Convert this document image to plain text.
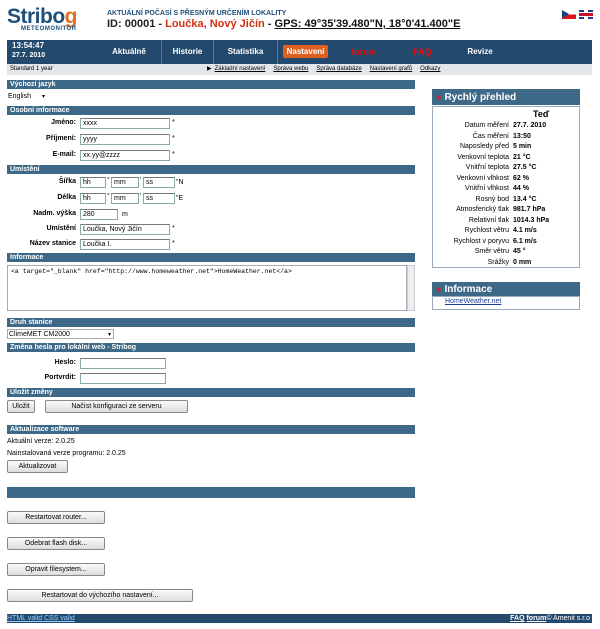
Stribog
METEOMONITOR
AKTUÁLNÍ POČASÍ S PŘESNÝM URČENÍM LOKALITY
ID: 00001 - Loučka, Nový Jičín - GPS: 49°35'39.480"N, 18°0'41.400"E
13:54:47
27.7. 2010	Aktuálně	Historie	Statistika	Nastavení	forum	FAQ	Revize
Standard 1 year	▶ Základní nastavení Správa webu Správa databáze Nastavení grafů Odkazy
Výchozí jazyk
English ▾
Osobní informace
Jméno:	xxxx	*
Příjmení:	yyyy	*
E-mail:	xx.yy@zzzz	*
Umístění
Šířka	hh	° mm	' ss	"N
Délka	hh	° mm	' ss	"E
Nadm. výška	280	m
Umístění	Loučka, Nový Jičín	*
Název stanice	Loučka I.	*
Informace
<a target="_blank" href="http://www.homeweather.net">HomeWeather.net</a>
Druh stanice
ClimeMET CM2000	▾
Změna hesla pro lokální web - Stribog
Heslo:
Portvrdit:
Uložit změny
Uložit	Načíst konfiguraci ze serveru
Aktualizace software
Aktuální verze: 2.0.25
Nainstalovaná verze programu: 2.0.25
Aktualizovat
Restartovat router...
Odebrat flash disk...
Opravit filesystem...
Restartovat do výchozího nastavení...
● Rychlý přehled
Teď
Datum měření 27.7. 2010
Čas měření 13:50
Naposledy před 5 min
Venkovní teplota 21 °C
Vnitřní teplota 27.5 °C
Venkovní vlhkost 62 %
Vnitřní vlhkost 44 %
Rosný bod 13.4 °C
Atmosferický tlak 981.7 hPa
Relativní tlak 1014.3 hPa
Rychlost větru 4.1 m/s
Rychlost v poryvu 6.1 m/s
Směr větru 45 °
Srážky 0 mm
● Informace
HomeWeather.net
HTML valid CSS valid	FAQ forum© Amenit s.r.o
